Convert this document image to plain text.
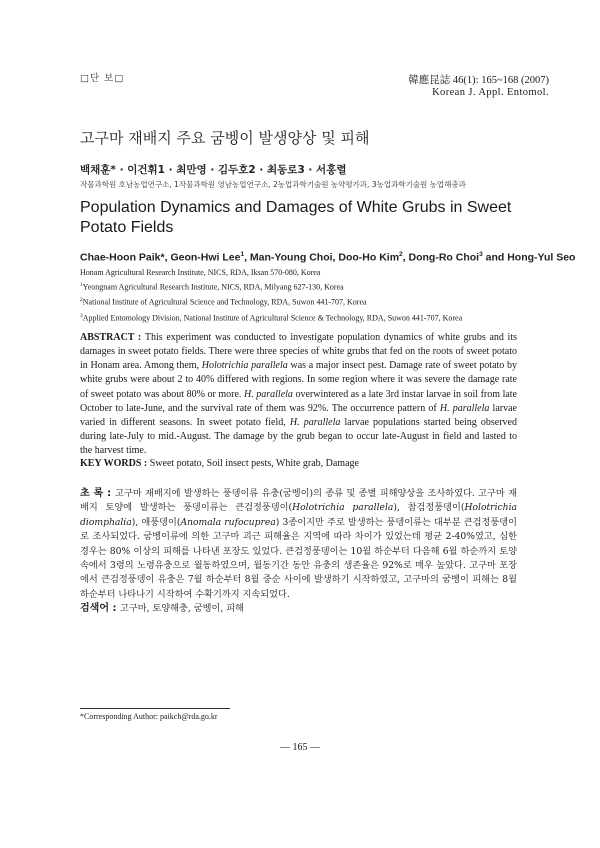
□단 보□	韓應昆誌 46(1): 165~168 (2007)
Korean J. Appl. Entomol.
고구마 재배지 주요 굼벵이 발생양상 및 피해
백채훈* · 이건휘1 · 최만영 · 김두호2 · 최동로3 · 서홍렬
작물과학원 호남농업연구소, 1작물과학원 영남농업연구소, 2농업과학기술원 농약평가과, 3농업과학기술원 농업해충과
Population Dynamics and Damages of White Grubs in Sweet Potato Fields
Chae-Hoon Paik*, Geon-Hwi Lee$^1$, Man-Young Choi, Doo-Ho Kim$^2$, Dong-Ro Choi$^3$ and Hong-Yul Seo
Honam Agricultural Research Institute, NICS, RDA, Iksan 570-080, Korea
$^1$Yeongnam Agricultural Research Institute, NICS, RDA, Milyang 627-130, Korea
$^2$National Institute of Agricultural Science and Technology, RDA, Suwon 441-707, Korea
$^3$Applied Entomology Division, National Institute of Agricultural Science & Technology, RDA, Suwon 441-707, Korea
ABSTRACT : This experiment was conducted to investigate population dynamics of white grubs and its damages in sweet potato fields. There were three species of white grubs that fed on the roots of sweet potato in Honam area. Among them, Holotrichia parallela was a major insect pest. Damage rate of sweet potato by white grubs were about 2 to 40% differed with regions. In some region where it was severe the damage rate of sweet potato was about 80% or more. H. parallela overwintered as a late 3rd instar larvae in soil from late October to late-June, and the survival rate of them was 92%. The occurrence pattern of H. parallela larvae varied in different seasons. In sweet potato field, H. parallela larvae populations started being observed during late-July to mid.-August. The damage by the grub began to occur late-August in field and lasted to the harvest time.
KEY WORDS : Sweet potato, Soil insect pests, White grab, Damage
초 록 : 고구마 재배지에 발생하는 풍뎅이류 유충(굼벵이)의 종류 및 종별 피해양상을 조사하였다. 고구마 재배지 토양에 발생하는 풍뎅이류는 큰검정풍뎅이(Holotrichia parallela), 참검정풍뎅이(Holotrichia diomphalia), 애풍뎅이(Anomala rufocuprea) 3종이지만 주로 발생하는 풍뎅이류는 대부분 큰검정풍뎅이로 조사되었다. 굼벵이류에 의한 고구마 괴근 피해율은 지역에 따라 차이가 있었는데 평균 2-40%였고, 심한 경우는 80% 이상의 피해를 나타낸 포장도 있었다. 큰검정풍뎅이는 10월 하순부터 다음해 6월 하순까지 토양 속에서 3령의 노령유충으로 월동하였으며, 월동기간 동안 유충의 생존율은 92%로 매우 높았다. 고구마 포장에서 큰검정풍뎅이 유충은 7월 하순부터 8월 중순 사이에 발생하기 시작하였고, 고구마의 굼벵이 피해는 8월 하순부터 나타나기 시작하여 수확기까지 지속되었다.
검색어 : 고구마, 토양해충, 굼벵이, 피해
*Corresponding Author: paikch@rda.go.kr
— 165 —
